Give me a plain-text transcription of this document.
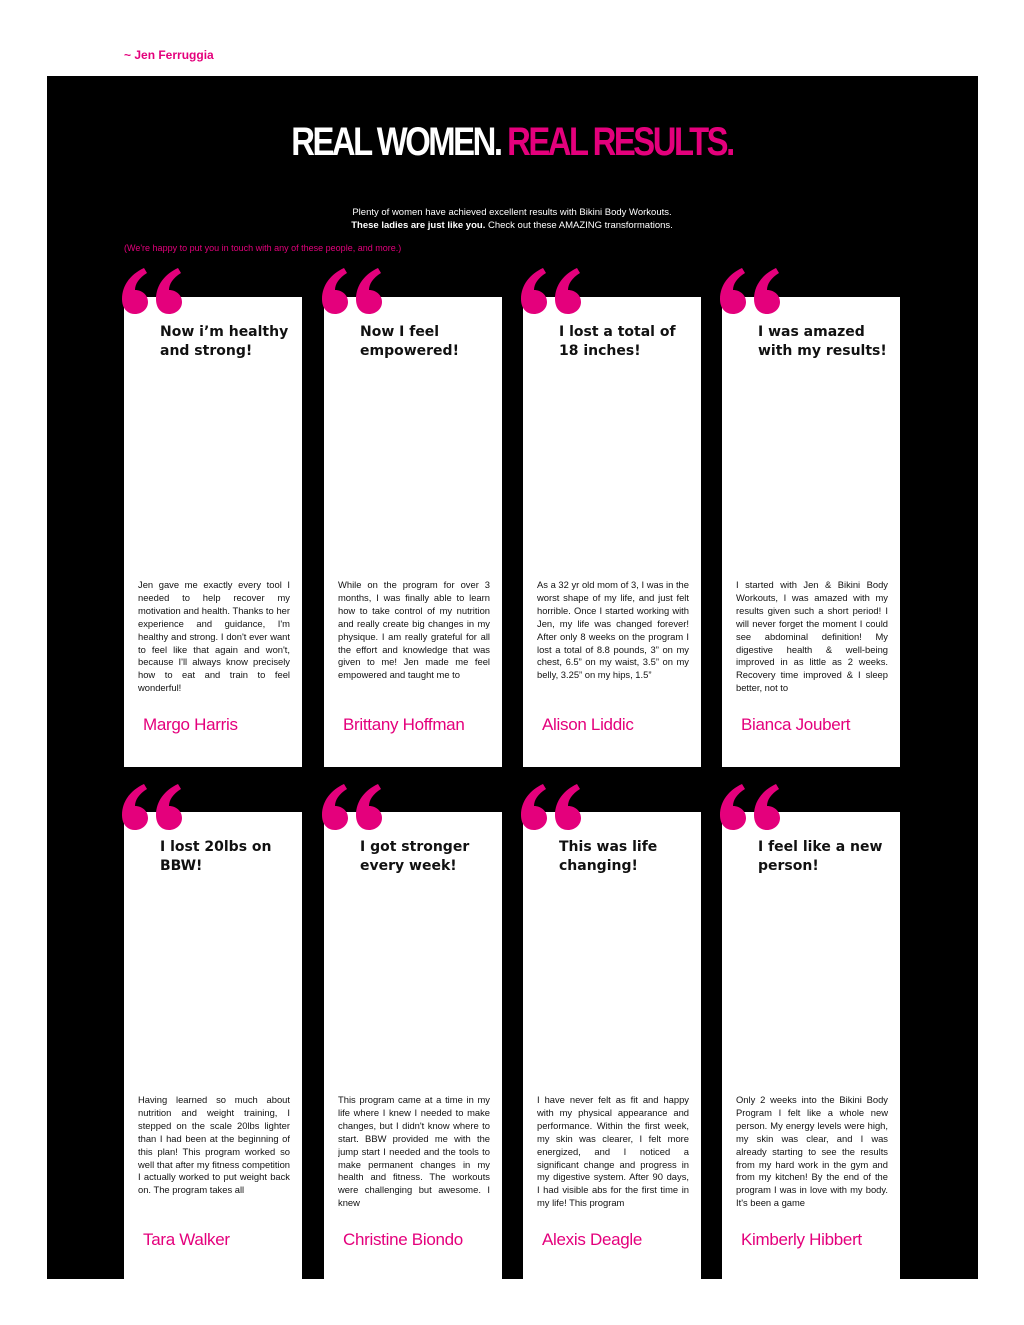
~ Jen Ferruggia
REAL WOMEN. REAL RESULTS.
Plenty of women have achieved excellent results with Bikini Body Workouts.
These ladies are just like you. Check out these AMAZING transformations.
(We're happy to put you in touch with any of these people, and more.)
Now i’m healthy and strong!
Jen gave me exactly every tool I needed to help recover my motivation and health. Thanks to her experience and guidance, I'm healthy and strong. I don't ever want to feel like that again and won't, because I'll always know precisely how to eat and train to feel wonderful!
Margo Harris
Now I feel empowered!
While on the program for over 3 months, I was finally able to learn how to take control of my nutrition and really create big changes in my physique. I am really grateful for all the effort and knowledge that was given to me! Jen made me feel empowered and taught me to
Brittany Hoffman
I lost a total of 18 inches!
As a 32 yr old mom of 3, I was in the worst shape of my life, and just felt horrible. Once I started working with Jen, my life was changed forever! After only 8 weeks on the program I lost a total of 8.8 pounds, 3” on my chest, 6.5” on my waist, 3.5” on my belly, 3.25” on my hips, 1.5”
Alison Liddic
I was amazed with my results!
I started with Jen & Bikini Body Workouts, I was amazed with my results given such a short period! I will never forget the moment I could see abdominal definition! My digestive health & well-being improved in as little as 2 weeks. Recovery time improved & I sleep better, not to
Bianca Joubert
I lost 20lbs on BBW!
Having learned so much about nutrition and weight training, I stepped on the scale 20lbs lighter than I had been at the beginning of this plan! This program worked so well that after my fitness competition I actually worked to put weight back on. The program takes all
Tara Walker
I got stronger every week!
This program came at a time in my life where I knew I needed to make changes, but I didn't know where to start. BBW provided me with the jump start I needed and the tools to make permanent changes in my health and fitness. The workouts were challenging but awesome. I knew
Christine Biondo
This was life changing!
I have never felt as fit and happy with my physical appearance and performance. Within the first week, my skin was clearer, I felt more energized, and I noticed a significant change and progress in my digestive system. After 90 days, I had visible abs for the first time in my life! This program
Alexis Deagle
I feel like a new person!
Only 2 weeks into the Bikini Body Program I felt like a whole new person. My energy levels were high, my skin was clear, and I was already starting to see the results from my hard work in the gym and from my kitchen! By the end of the program I was in love with my body. It's been a game
Kimberly Hibbert
